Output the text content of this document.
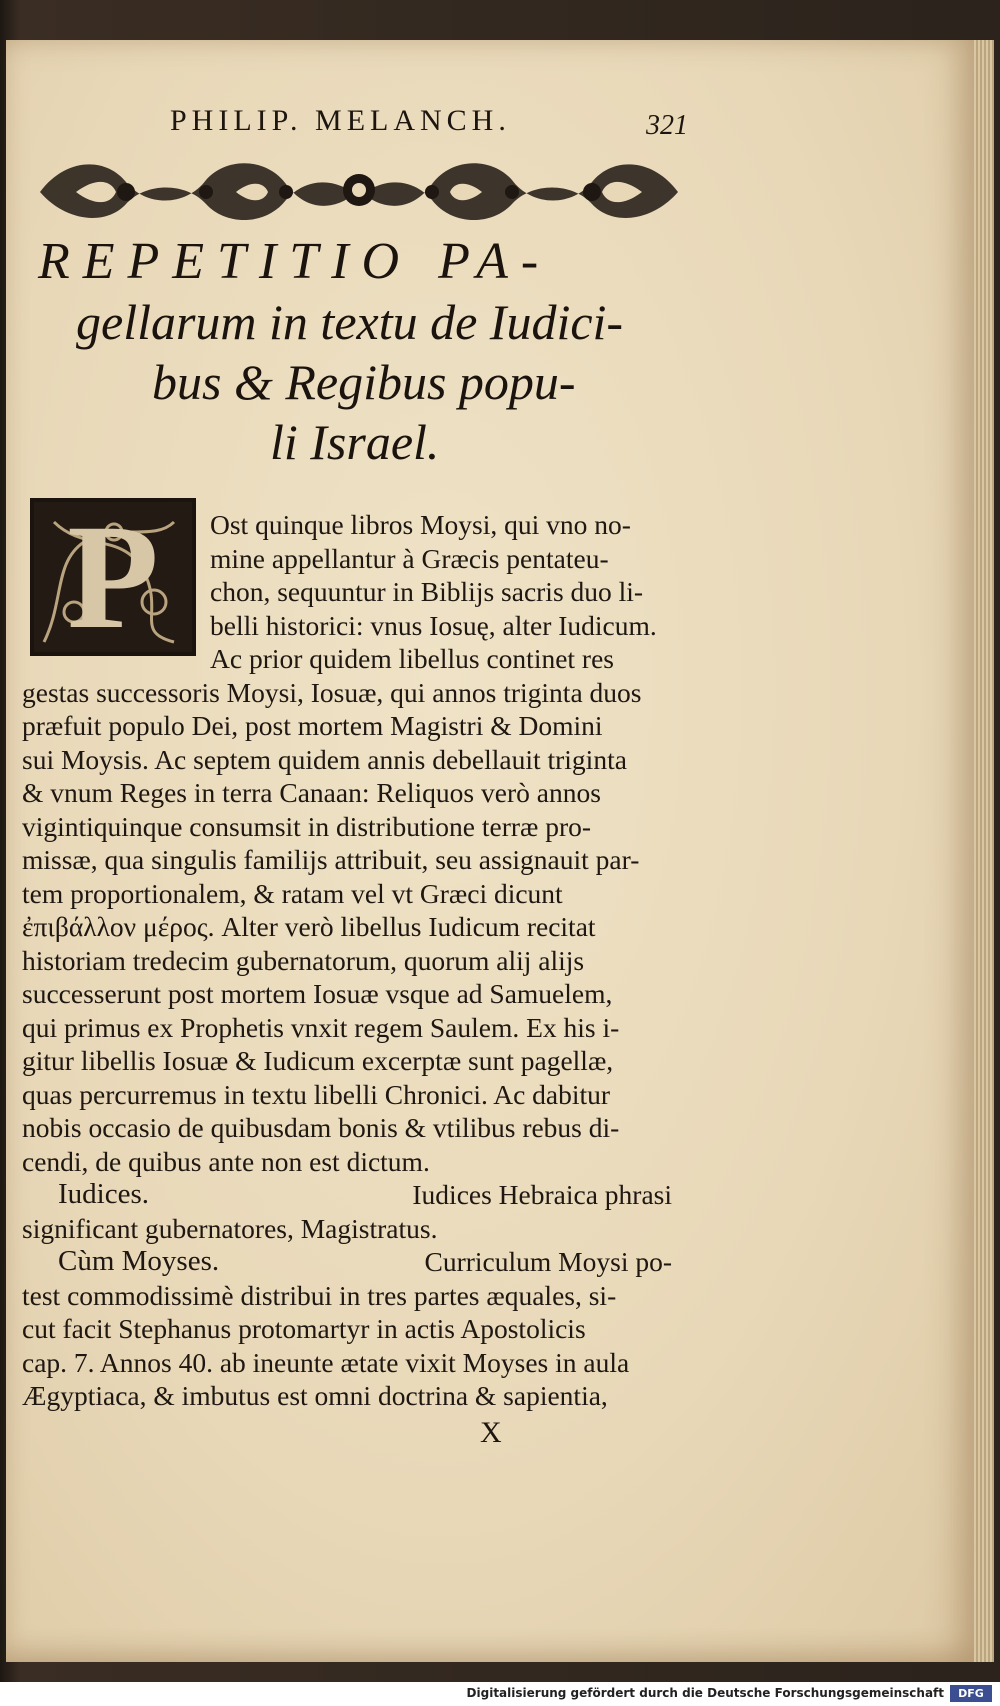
PHILIP. MELANCH.	321
REPETITIO PA-
gellarum in textu de Iudici-
bus & Regibus popu-
li Israel.
P	Ost quinque libros Moysi, qui vno no-
mine appellantur à Græcis pentateu-
chon, sequuntur in Biblijs sacris duo li-
belli historici: vnus Iosuę, alter Iudicum.
Ac prior quidem libellus continet res
gestas successoris Moysi, Iosuæ, qui annos triginta duos
præfuit populo Dei, post mortem Magistri & Domini
sui Moysis. Ac septem quidem annis debellauit triginta
& vnum Reges in terra Canaan: Reliquos verò annos
vigintiquinque consumsit in distributione terræ pro-
missæ, qua singulis familijs attribuit, seu assignauit par-
tem proportionalem, & ratam vel vt Græci dicunt
ἐπιβάλλον μέρος. Alter verò libellus Iudicum recitat
historiam tredecim gubernatorum, quorum alij alijs
successerunt post mortem Iosuæ vsque ad Samuelem,
qui primus ex Prophetis vnxit regem Saulem. Ex his i-
gitur libellis Iosuæ & Iudicum excerptæ sunt pagellæ,
quas percurremus in textu libelli Chronici. Ac dabitur
nobis occasio de quibusdam bonis & vtilibus rebus di-
cendi, de quibus ante non est dictum.
Iudices.	Iudices Hebraica phrasi
significant gubernatores, Magistratus.
Cùm Moyses.	Curriculum Moysi po-
test commodissimè distribui in tres partes æquales, si-
cut facit Stephanus protomartyr in actis Apostolicis
cap. 7. Annos 40. ab ineunte ætate vixit Moyses in aula
Ægyptiaca, & imbutus est omni doctrina & sapientia,
X
Digitalisierung gefördert durch die Deutsche Forschungsgemeinschaft	DFG
